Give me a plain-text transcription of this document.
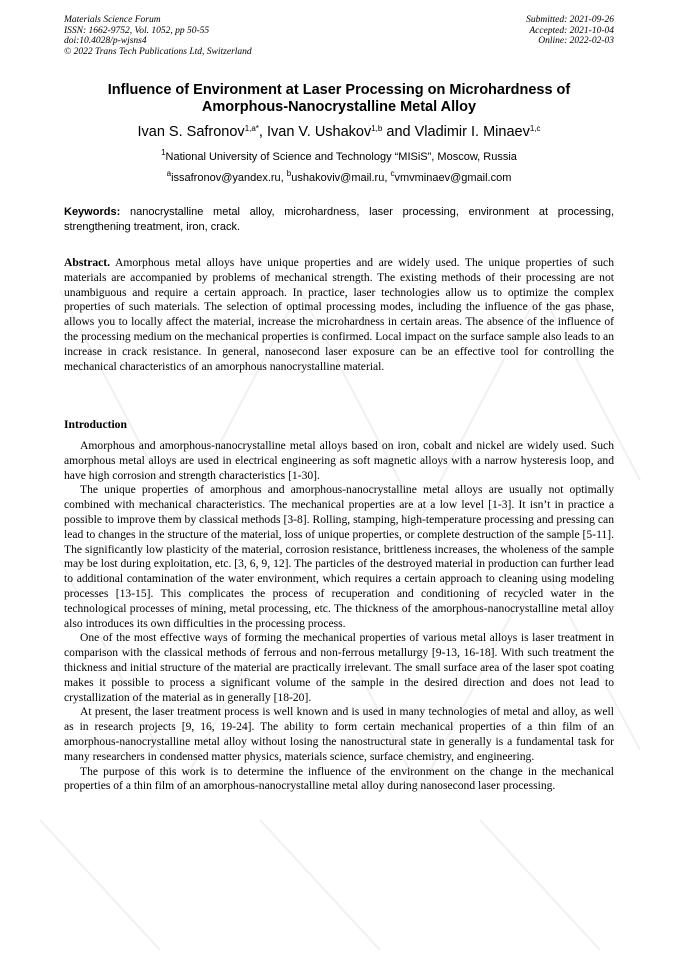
Materials Science Forum
ISSN: 1662-9752, Vol. 1052, pp 50-55
doi:10.4028/p-wjsns4
© 2022 Trans Tech Publications Ltd, Switzerland
Submitted: 2021-09-26
Accepted: 2021-10-04
Online: 2022-02-03
Influence of Environment at Laser Processing on Microhardness of
Amorphous-Nanocrystalline Metal Alloy
Ivan S. Safronov$^{1,a*}$, Ivan V. Ushakov$^{1,b}$ and Vladimir I. Minaev$^{1,c}$
$^1$National University of Science and Technology “MISiS”, Moscow, Russia
$^a$issafronov@yandex.ru, $^b$ushakoviv@mail.ru, $^c$vmvminaev@gmail.com
Keywords: nanocrystalline metal alloy, microhardness, laser processing, environment at processing, strengthening treatment, iron, crack.
Abstract. Amorphous metal alloys have unique properties and are widely used. The unique properties of such materials are accompanied by problems of mechanical strength. The existing methods of their processing are not unambiguous and require a certain approach. In practice, laser technologies allow us to optimize the complex properties of such materials. The selection of optimal processing modes, including the influence of the gas phase, allows you to locally affect the material, increase the microhardness in certain areas. The absence of the influence of the processing medium on the mechanical properties is confirmed. Local impact on the surface sample also leads to an increase in crack resistance. In general, nanosecond laser exposure can be an effective tool for controlling the mechanical characteristics of an amorphous nanocrystalline material.
Introduction

Amorphous and amorphous-nanocrystalline metal alloys based on iron, cobalt and nickel are widely used. Such amorphous metal alloys are used in electrical engineering as soft magnetic alloys with a narrow hysteresis loop, and have high corrosion and strength characteristics [1-30].

The unique properties of amorphous and amorphous-nanocrystalline metal alloys are usually not optimally combined with mechanical characteristics. The mechanical properties are at a low level [1-3]. It isn’t in practice a possible to improve them by classical methods [3-8]. Rolling, stamping, high-temperature processing and pressing can lead to changes in the structure of the material, loss of unique properties, or complete destruction of the sample [5-11]. The significantly low plasticity of the material, corrosion resistance, brittleness increases, the wholeness of the sample may be lost during exploitation, etc. [3, 6, 9, 12]. The particles of the destroyed material in production can further lead to additional contamination of the water environment, which requires a certain approach to cleaning using modeling processes [13-15]. This complicates the process of recuperation and conditioning of recycled water in the technological processes of mining, metal processing, etc. The thickness of the amorphous-nanocrystalline metal alloy also introduces its own difficulties in the processing process.

One of the most effective ways of forming the mechanical properties of various metal alloys is laser treatment in comparison with the classical methods of ferrous and non-ferrous metallurgy [9-13, 16-18]. With such treatment the thickness and initial structure of the material are practically irrelevant. The small surface area of the laser spot coating makes it possible to process a significant volume of the sample in the desired direction and does not lead to crystallization of the material as in generally [18-20].

At present, the laser treatment process is well known and is used in many technologies of metal and alloy, as well as in research projects [9, 16, 19-24]. The ability to form certain mechanical properties of a thin film of an amorphous-nanocrystalline metal alloy without losing the nanostructural state in generally is a fundamental task for many researchers in condensed matter physics, materials science, surface chemistry, and engineering.

The purpose of this work is to determine the influence of the environment on the change in the mechanical properties of a thin film of an amorphous-nanocrystalline metal alloy during nanosecond laser processing.
